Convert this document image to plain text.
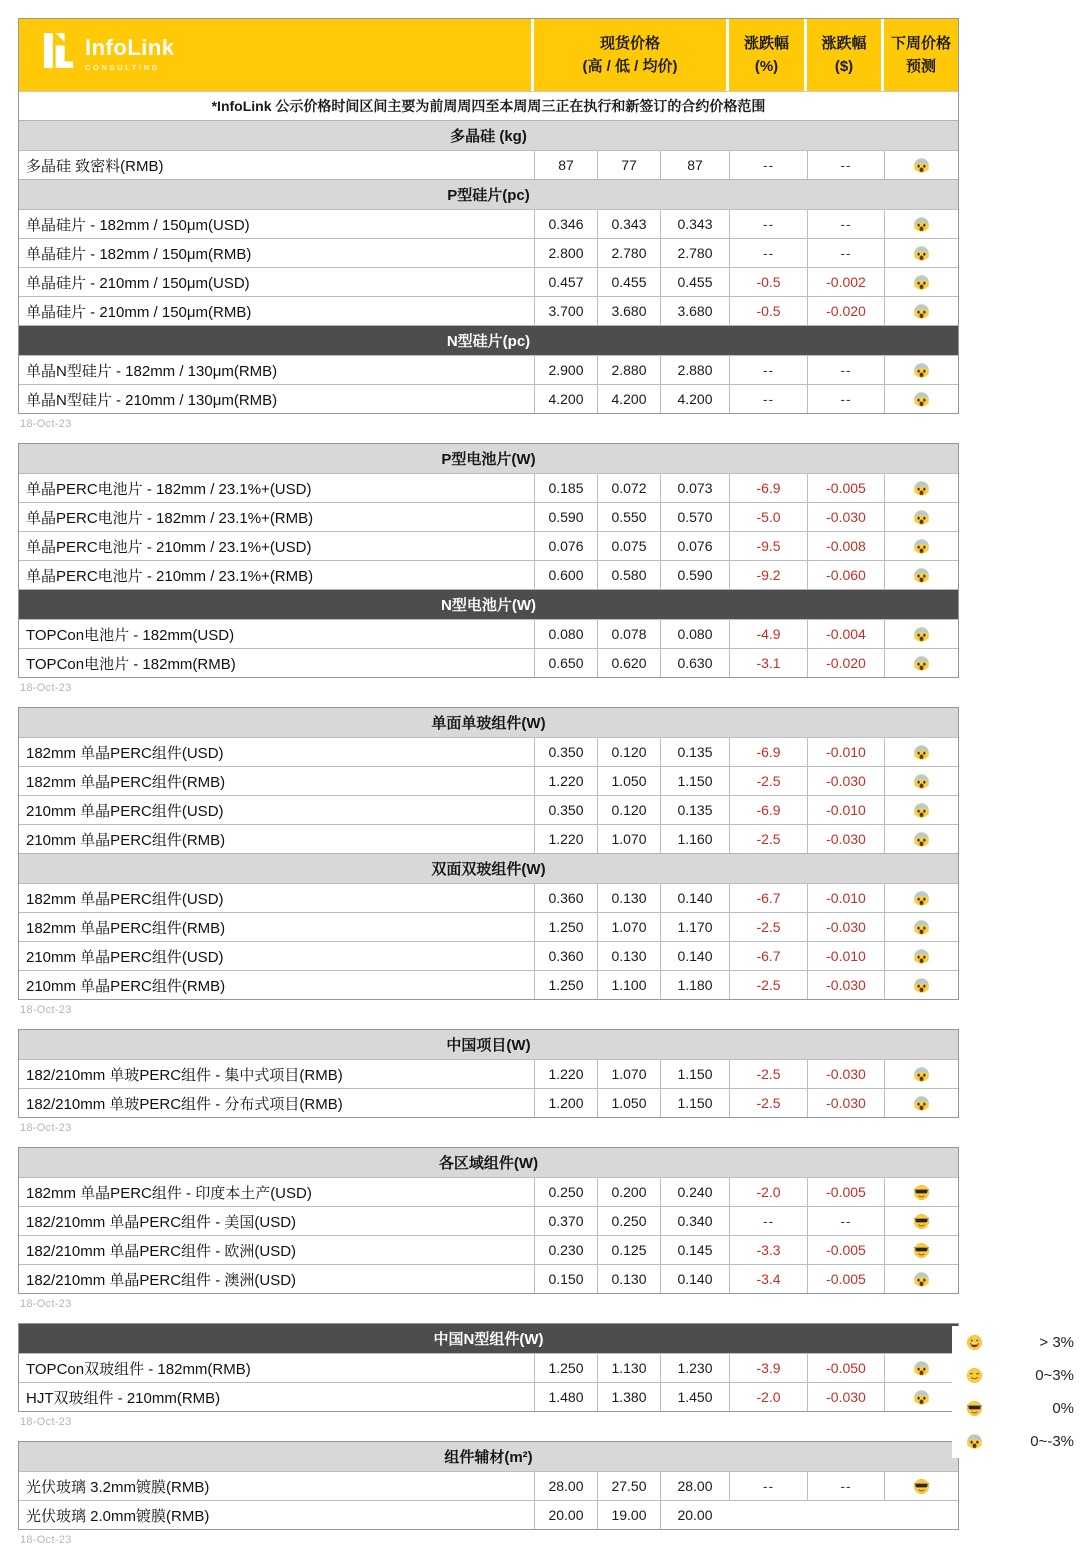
InfoLink
CONSULTING
现货价格
(高 / 低 / 均价)
涨跌幅
(%)
涨跌幅
($)
下周价格
预测
*InfoLink 公示价格时间区间主要为前周周四至本周周三正在执行和新签订的合约价格范围
多晶硅 (kg)
多晶硅 致密料(RMB)	87	77	87	--	--
P型硅片(pc)
单晶硅片 - 182mm / 150μm(USD)	0.346	0.343	0.343	--	--
单晶硅片 - 182mm / 150μm(RMB)	2.800	2.780	2.780	--	--
单晶硅片 - 210mm / 150μm(USD)	0.457	0.455	0.455	-0.5	-0.002
单晶硅片 - 210mm / 150μm(RMB)	3.700	3.680	3.680	-0.5	-0.020
N型硅片(pc)
单晶N型硅片 - 182mm / 130μm(RMB)	2.900	2.880	2.880	--	--
单晶N型硅片 - 210mm / 130μm(RMB)	4.200	4.200	4.200	--	--
18-Oct-23
P型电池片(W)
单晶PERC电池片 - 182mm / 23.1%+(USD)	0.185	0.072	0.073	-6.9	-0.005
单晶PERC电池片 - 182mm / 23.1%+(RMB)	0.590	0.550	0.570	-5.0	-0.030
单晶PERC电池片 - 210mm / 23.1%+(USD)	0.076	0.075	0.076	-9.5	-0.008
单晶PERC电池片 - 210mm / 23.1%+(RMB)	0.600	0.580	0.590	-9.2	-0.060
N型电池片(W)
TOPCon电池片 - 182mm(USD)	0.080	0.078	0.080	-4.9	-0.004
TOPCon电池片 - 182mm(RMB)	0.650	0.620	0.630	-3.1	-0.020
18-Oct-23
单面单玻组件(W)
182mm 单晶PERC组件(USD)	0.350	0.120	0.135	-6.9	-0.010
182mm 单晶PERC组件(RMB)	1.220	1.050	1.150	-2.5	-0.030
210mm 单晶PERC组件(USD)	0.350	0.120	0.135	-6.9	-0.010
210mm 单晶PERC组件(RMB)	1.220	1.070	1.160	-2.5	-0.030
双面双玻组件(W)
182mm 单晶PERC组件(USD)	0.360	0.130	0.140	-6.7	-0.010
182mm 单晶PERC组件(RMB)	1.250	1.070	1.170	-2.5	-0.030
210mm 单晶PERC组件(USD)	0.360	0.130	0.140	-6.7	-0.010
210mm 单晶PERC组件(RMB)	1.250	1.100	1.180	-2.5	-0.030
18-Oct-23
中国项目(W)
182/210mm 单玻PERC组件 - 集中式项目(RMB)	1.220	1.070	1.150	-2.5	-0.030
182/210mm 单玻PERC组件 - 分布式项目(RMB)	1.200	1.050	1.150	-2.5	-0.030
18-Oct-23
各区域组件(W)
182mm 单晶PERC组件 - 印度本土产(USD)	0.250	0.200	0.240	-2.0	-0.005
182/210mm 单晶PERC组件 - 美国(USD)	0.370	0.250	0.340	--	--
182/210mm 单晶PERC组件 - 欧洲(USD)	0.230	0.125	0.145	-3.3	-0.005
182/210mm 单晶PERC组件 - 澳洲(USD)	0.150	0.130	0.140	-3.4	-0.005
18-Oct-23
中国N型组件(W)
TOPCon双玻组件 - 182mm(RMB)	1.250	1.130	1.230	-3.9	-0.050
HJT双玻组件 - 210mm(RMB)	1.480	1.380	1.450	-2.0	-0.030
18-Oct-23
组件辅材(m²)
光伏玻璃 3.2mm镀膜(RMB)	28.00	27.50	28.00	--	--
光伏玻璃 2.0mm镀膜(RMB)	20.00	19.00	20.00
18-Oct-23
> 3%
0~3%
0%
0~-3%
